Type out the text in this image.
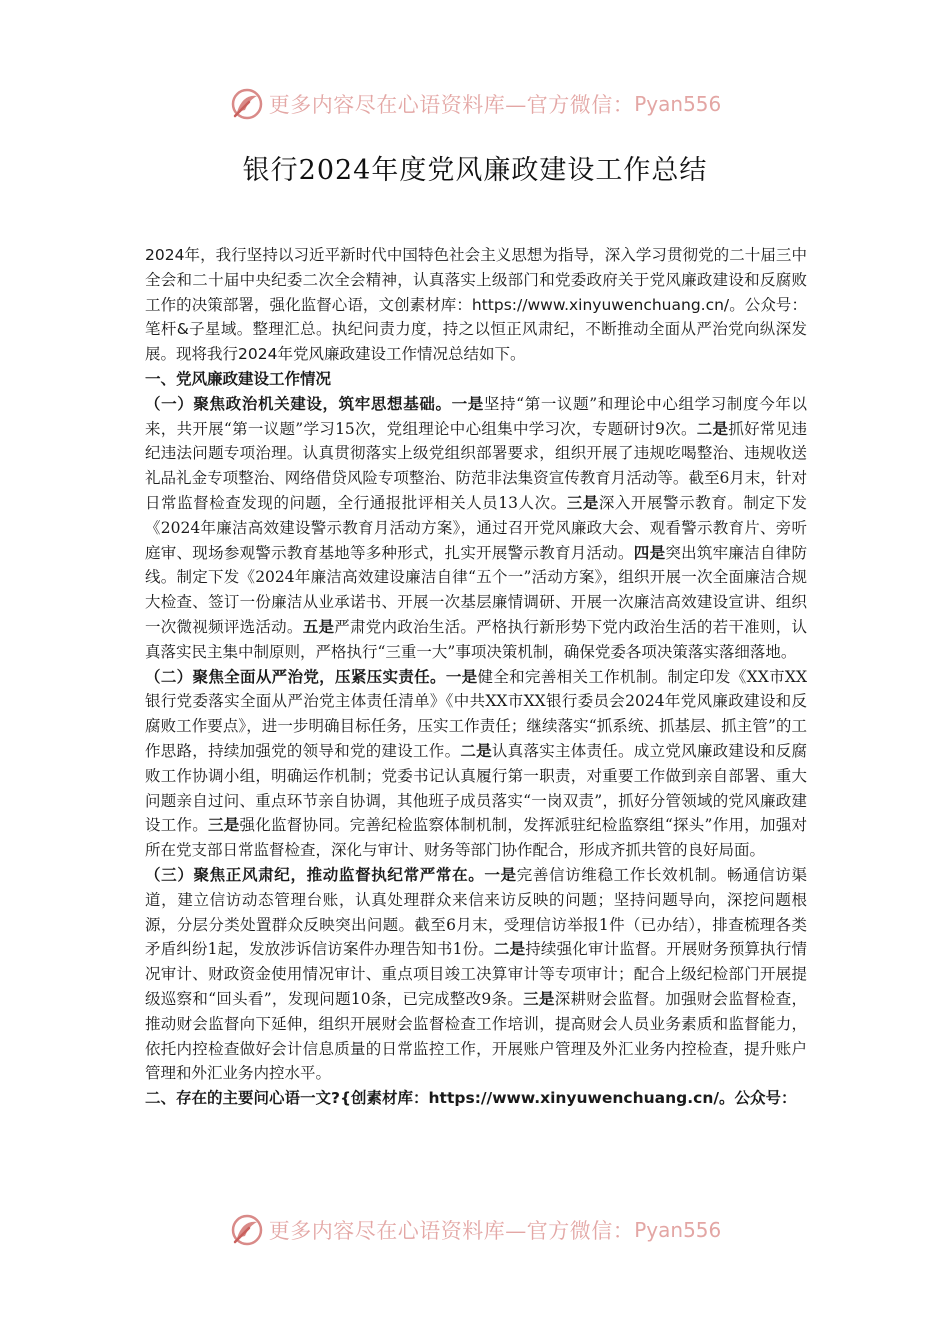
更多内容尽在心语资料库—官方微信： Pyan556
银行2024年度党风廉政建设工作总结

2024年，我行坚持以习近平新时代中国特色社会主义思想为指导，深入学习贯彻党的二十届三中全会和二十届中央纪委二次全会精神，认真落实上级部门和党委政府关于党风廉政建设和反腐败工作的决策部署，强化监督心语，文创素材库：https://www.xinyuwenchuang.cn/。公众号：笔杆&子星域。整理汇总。执纪问责力度，持之以恒正风肃纪，不断推动全面从严治党向纵深发展。现将我行2024年党风廉政建设工作情况总结如下。

一、党风廉政建设工作情况

（一）聚焦政治机关建设，筑牢思想基础。一是坚持“第一议题”和理论中心组学习制度今年以来，共开展“第一议题”学习15次，党组理论中心组集中学习次，专题研讨9次。二是抓好常见违纪违法问题专项治理。认真贯彻落实上级党组织部署要求，组织开展了违规吃喝整治、违规收送礼品礼金专项整治、网络借贷风险专项整治、防范非法集资宣传教育月活动等。截至6月末，针对日常监督检查发现的问题，全行通报批评相关人员13人次。三是深入开展警示教育。制定下发《2024年廉洁高效建设警示教育月活动方案》，通过召开党风廉政大会、观看警示教育片、旁听庭审、现场参观警示教育基地等多种形式，扎实开展警示教育月活动。四是突出筑牢廉洁自律防线。制定下发《2024年廉洁高效建设廉洁自律“五个一”活动方案》，组织开展一次全面廉洁合规大检查、签订一份廉洁从业承诺书、开展一次基层廉情调研、开展一次廉洁高效建设宣讲、组织一次微视频评选活动。五是严肃党内政治生活。严格执行新形势下党内政治生活的若干准则，认真落实民主集中制原则，严格执行“三重一大”事项决策机制，确保党委各项决策落实落细落地。

（二）聚焦全面从严治党，压紧压实责任。一是健全和完善相关工作机制。制定印发《XX市XX银行党委落实全面从严治党主体责任清单》《中共XX市XX银行委员会2024年党风廉政建设和反腐败工作要点》，进一步明确目标任务，压实工作责任；继续落实“抓系统、抓基层、抓主管”的工作思路，持续加强党的领导和党的建设工作。二是认真落实主体责任。成立党风廉政建设和反腐败工作协调小组，明确运作机制；党委书记认真履行第一职责，对重要工作做到亲自部署、重大问题亲自过问、重点环节亲自协调，其他班子成员落实“一岗双责”，抓好分管领域的党风廉政建设工作。三是强化监督协同。完善纪检监察体制机制，发挥派驻纪检监察组“探头”作用，加强对所在党支部日常监督检查，深化与审计、财务等部门协作配合，形成齐抓共管的良好局面。

（三）聚焦正风肃纪，推动监督执纪常严常在。一是完善信访维稳工作长效机制。畅通信访渠道，建立信访动态管理台账，认真处理群众来信来访反映的问题；坚持问题导向，深挖问题根源，分层分类处置群众反映突出问题。截至6月末，受理信访举报1件（已办结），排查梳理各类矛盾纠纷1起，发放涉诉信访案件办理告知书1份。二是持续强化审计监督。开展财务预算执行情况审计、财政资金使用情况审计、重点项目竣工决算审计等专项审计；配合上级纪检部门开展提级巡察和“回头看”，发现问题10条，已完成整改9条。三是深耕财会监督。加强财会监督检查，推动财会监督向下延伸，组织开展财会监督检查工作培训，提高财会人员业务素质和监督能力，依托内控检查做好会计信息质量的日常监控工作，开展账户管理及外汇业务内控检查，提升账户管理和外汇业务内控水平。

二、存在的主要问心语一文?{创素材库：https://www.xinyuwenchuang.cn/。公众号：

更多内容尽在心语资料库—官方微信： Pyan556
